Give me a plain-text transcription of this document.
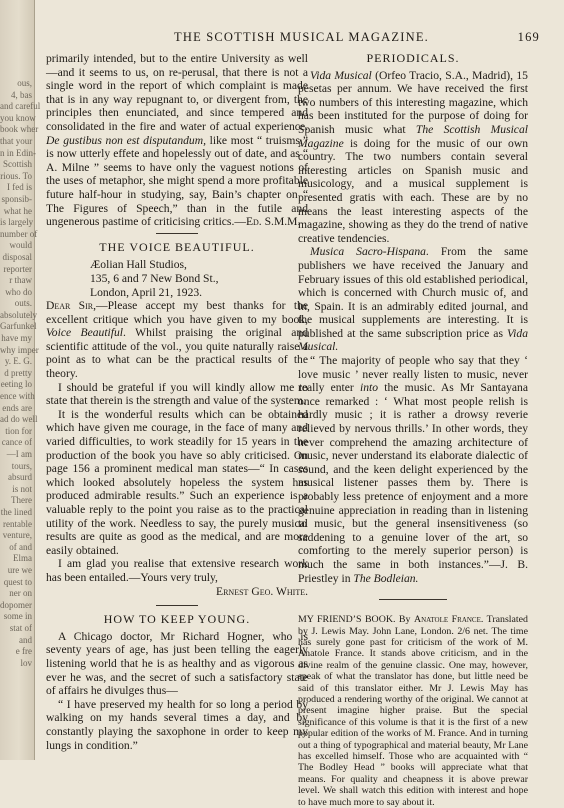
ous,
4, bas
and careful
you know
book wher
that your
n in Edin-
Scottish
rious. To
I fed is
sponsib-
what he
is largely
number of
would
disposal
reporter
r thaw
who do
outs.
absolutely
Garfunkel
have my
why imper
y. E. G.
d pretty
eeting lo
ence with
ends are
ad do well
tion for
cance of
—I am
tours,
absurd
is not
There
the lined
rentable
venture,
of and
Elma
ure we
quest to
ner on
dopomer
some in
stat of
and
e fre
lov
THE SCOTTISH MUSICAL MAGAZINE.	169

primarily intended, but to the entire University as well—and it seems to us, on re-perusal, that there is not a single word in the report of which complaint is made that is in any way repugnant to, or divergent from, the principles then enunciated, and since tempered and consolidated in the fire and water of actual experience. De gustibus non est disputandum, like most “ truisms,” is now utterly effete and hopelessly out of date, and as “ A. Milne ” seems to have only the vaguest notions of the uses of metaphor, she might spend a more profitable future half-hour in studying, say, Bain’s chapter on “ The Figures of Speech,” than in the futile and ungenerous pastime of criticising critics.—Ed. S.M.M.

THE VOICE BEAUTIFUL.

Æolian Hall Studios,

135, 6 and 7 New Bond St.,

London, April 21, 1923.

Dear Sir,—Please accept my best thanks for the excellent critique which you have given to my book, Voice Beautiful. Whilst praising the original and scientific attitude of the vol., you quite naturally raise a point as to what can be the practical results of the theory.

I should be grateful if you will kindly allow me to state that therein is the strength and value of the system.

It is the wonderful results which can be obtained which have given me courage, in the face of many and varied difficulties, to work steadily for 15 years in the production of the book you have so ably criticised. On page 156 a prominent medical man states—“ In cases which looked absolutely hopeless the system has produced admirable results.” Such an experience is a valuable reply to the point you raise as to the practical utility of the work. Needless to say, the purely musical results are quite as good as the medical, and are more easily obtained.

I am glad you realise that extensive research work has been entailed.—Yours very truly,

Ernest Geo. White.

HOW TO KEEP YOUNG.

A Chicago doctor, Mr Richard Hogner, who is seventy years of age, has just been telling the eagerly listening world that he is as healthy and as vigorous as ever he was, and the secret of such a satisfactory state of affairs he divulges thus—

“ I have preserved my health for so long a period by walking on my hands several times a day, and by constantly playing the saxophone in order to keep my lungs in condition.”

PERIODICALS.

Vida Musical (Orfeo Tracio, S.A., Madrid), 15 pesetas per annum. We have received the first two numbers of this interesting magazine, which has been instituted for the purpose of doing for Spanish music what The Scottish Musical Magazine is doing for the music of our own country. The two numbers contain several interesting articles on Spanish music and musicology, and a musical supplement is presented gratis with each. These are by no means the least interesting aspects of the magazine, showing as they do the trend of native creative tendencies.

Musica Sacro-Hispana. From the same publishers we have received the January and February issues of this old established periodical, which is concerned with Church music of, and in, Spain. It is an admirably edited journal, and the musical supplements are interesting. It is published at the same subscription price as Vida Musical.

“ The majority of people who say that they ‘ love music ’ never really listen to music, never really enter into the music. As Mr Santayana once remarked : ‘ What most people relish is hardly music ; it is rather a drowsy reverie relieved by nervous thrills.’ In other words, they never comprehend the amazing architecture of music, never understand its elaborate dialectic of sound, and the keen delight experienced by the musical listener passes them by. There is probably less pretence of enjoyment and a more genuine appreciation in reading than in listening to music, but the general insensitiveness (so saddening to a genuine lover of the art, so comforting to the merely superior person) is much the same in both instances.”—J. B. Priestley in The Bodleian.

MY FRIEND’S BOOK. By Anatole France. Translated by J. Lewis May. John Lane, London. 2/6 net. The time has surely gone past for criticism of the work of M. Anatole France. It stands above criticism, and in the divine realm of the genuine classic. One may, however, speak of what the translator has done, but little need be said of this translator either. Mr J. Lewis May has produced a rendering worthy of the original. We cannot at present imagine higher praise. But the special significance of this volume is that it is the first of a new popular edition of the works of M. France. And in turning out a thing of typographical and material beauty, Mr Lane has excelled himself. Those who are acquainted with “ The Bodley Head ” books will appreciate what that means. For quality and cheapness it is above prewar level. We shall watch this edition with interest and hope to have much more to say about it.
